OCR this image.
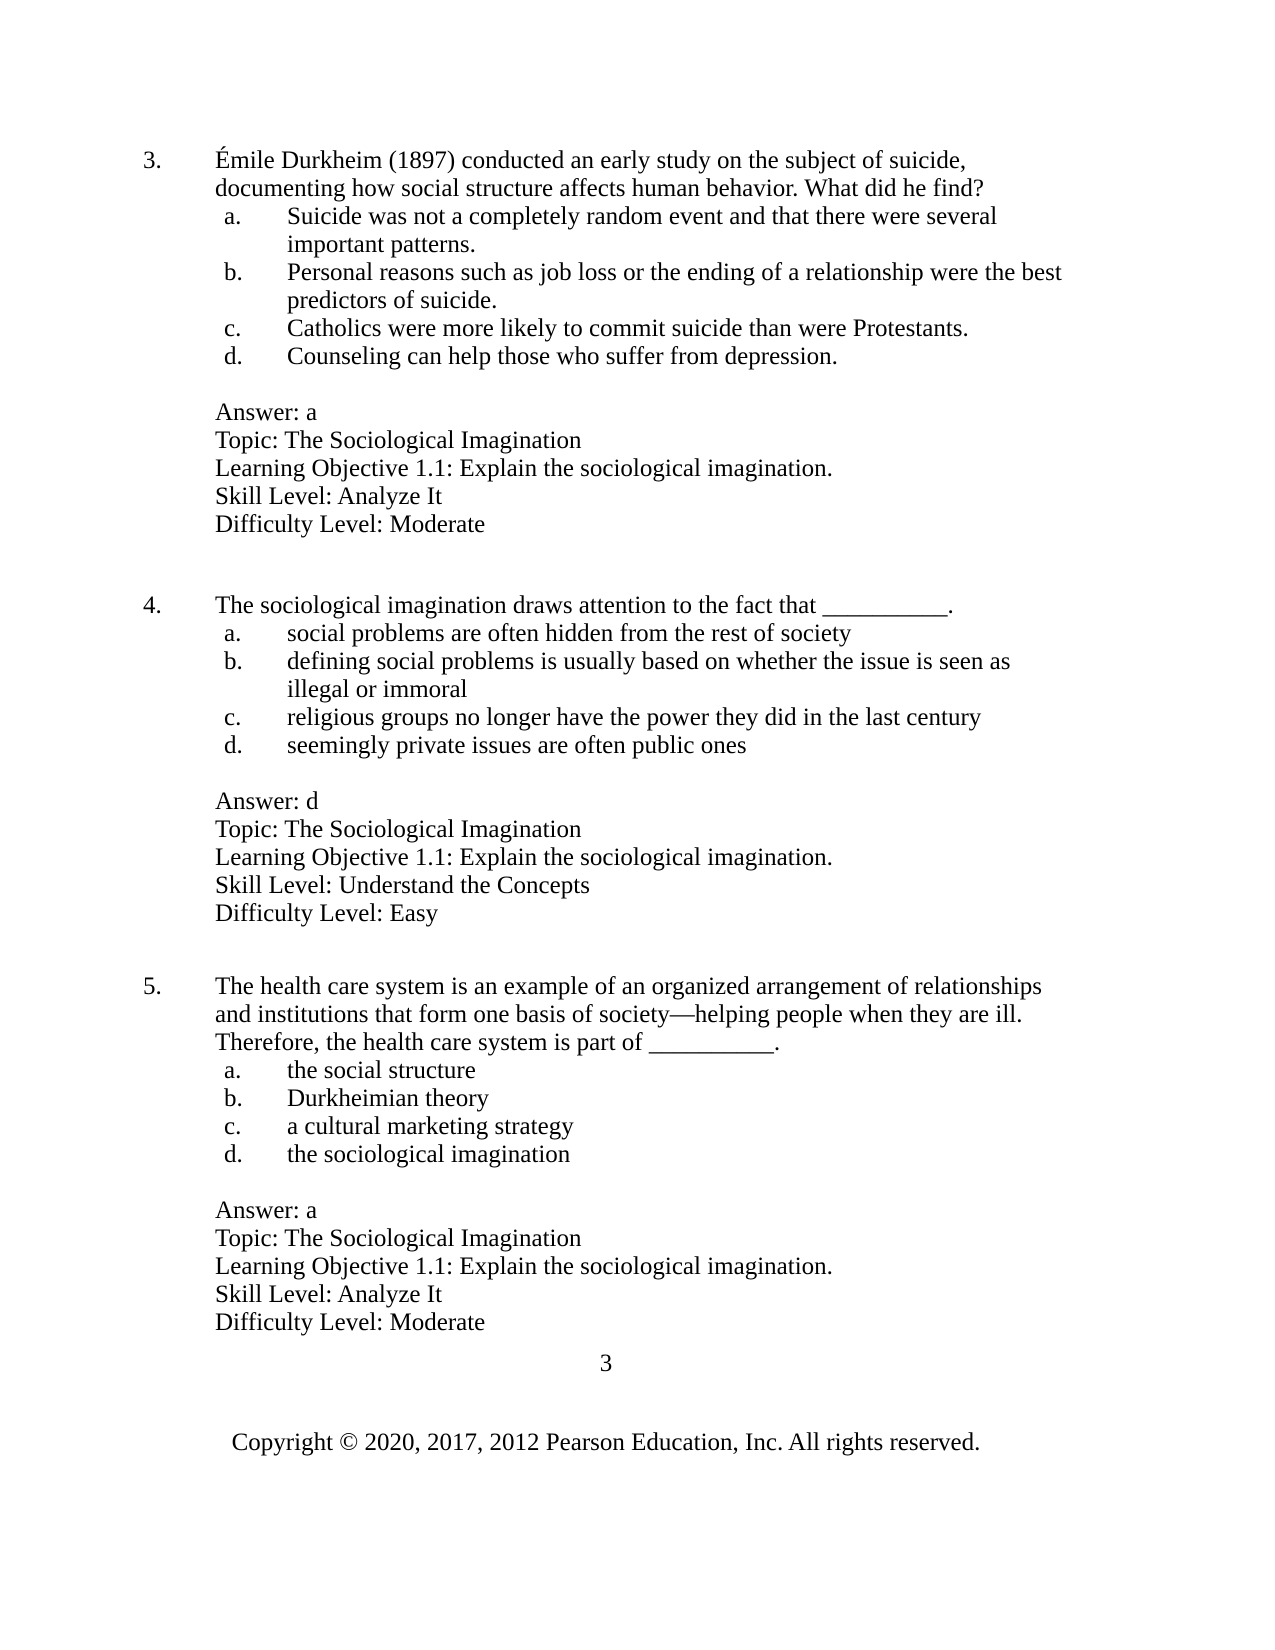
3.	Émile Durkheim (1897) conducted an early study on the subject of suicide, documenting how social structure affects human behavior. What did he find?
a.	Suicide was not a completely random event and that there were several important patterns.
b.	Personal reasons such as job loss or the ending of a relationship were the best predictors of suicide.
c.	Catholics were more likely to commit suicide than were Protestants.
d.	Counseling can help those who suffer from depression.
Answer: a
Topic: The Sociological Imagination
Learning Objective 1.1: Explain the sociological imagination.
Skill Level: Analyze It
Difficulty Level: Moderate
4.	The sociological imagination draws attention to the fact that __________.
a.	social problems are often hidden from the rest of society
b.	defining social problems is usually based on whether the issue is seen as illegal or immoral
c.	religious groups no longer have the power they did in the last century
d.	seemingly private issues are often public ones
Answer: d
Topic: The Sociological Imagination
Learning Objective 1.1: Explain the sociological imagination.
Skill Level: Understand the Concepts
Difficulty Level: Easy
5.	The health care system is an example of an organized arrangement of relationships and institutions that form one basis of society—helping people when they are ill. Therefore, the health care system is part of __________.
a.	the social structure
b.	Durkheimian theory
c.	a cultural marketing strategy
d.	the sociological imagination
Answer: a
Topic: The Sociological Imagination
Learning Objective 1.1: Explain the sociological imagination.
Skill Level: Analyze It
Difficulty Level: Moderate
3
Copyright © 2020, 2017, 2012 Pearson Education, Inc. All rights reserved.
